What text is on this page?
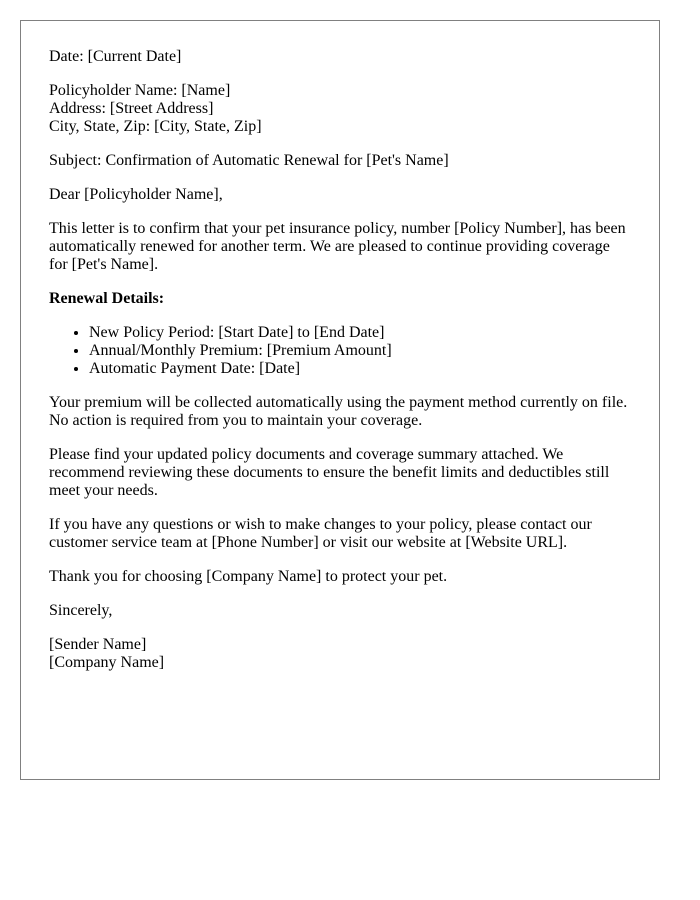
Date: [Current Date]

Policyholder Name: [Name]
Address: [Street Address]
City, State, Zip: [City, State, Zip]

Subject: Confirmation of Automatic Renewal for [Pet's Name]

Dear [Policyholder Name],

This letter is to confirm that your pet insurance policy, number [Policy Number], has been automatically renewed for another term. We are pleased to continue providing coverage for [Pet's Name].

Renewal Details:

• New Policy Period: [Start Date] to [End Date]
• Annual/Monthly Premium: [Premium Amount]
• Automatic Payment Date: [Date]

Your premium will be collected automatically using the payment method currently on file. No action is required from you to maintain your coverage.

Please find your updated policy documents and coverage summary attached. We recommend reviewing these documents to ensure the benefit limits and deductibles still meet your needs.

If you have any questions or wish to make changes to your policy, please contact our customer service team at [Phone Number] or visit our website at [Website URL].

Thank you for choosing [Company Name] to protect your pet.

Sincerely,

[Sender Name]
[Company Name]
